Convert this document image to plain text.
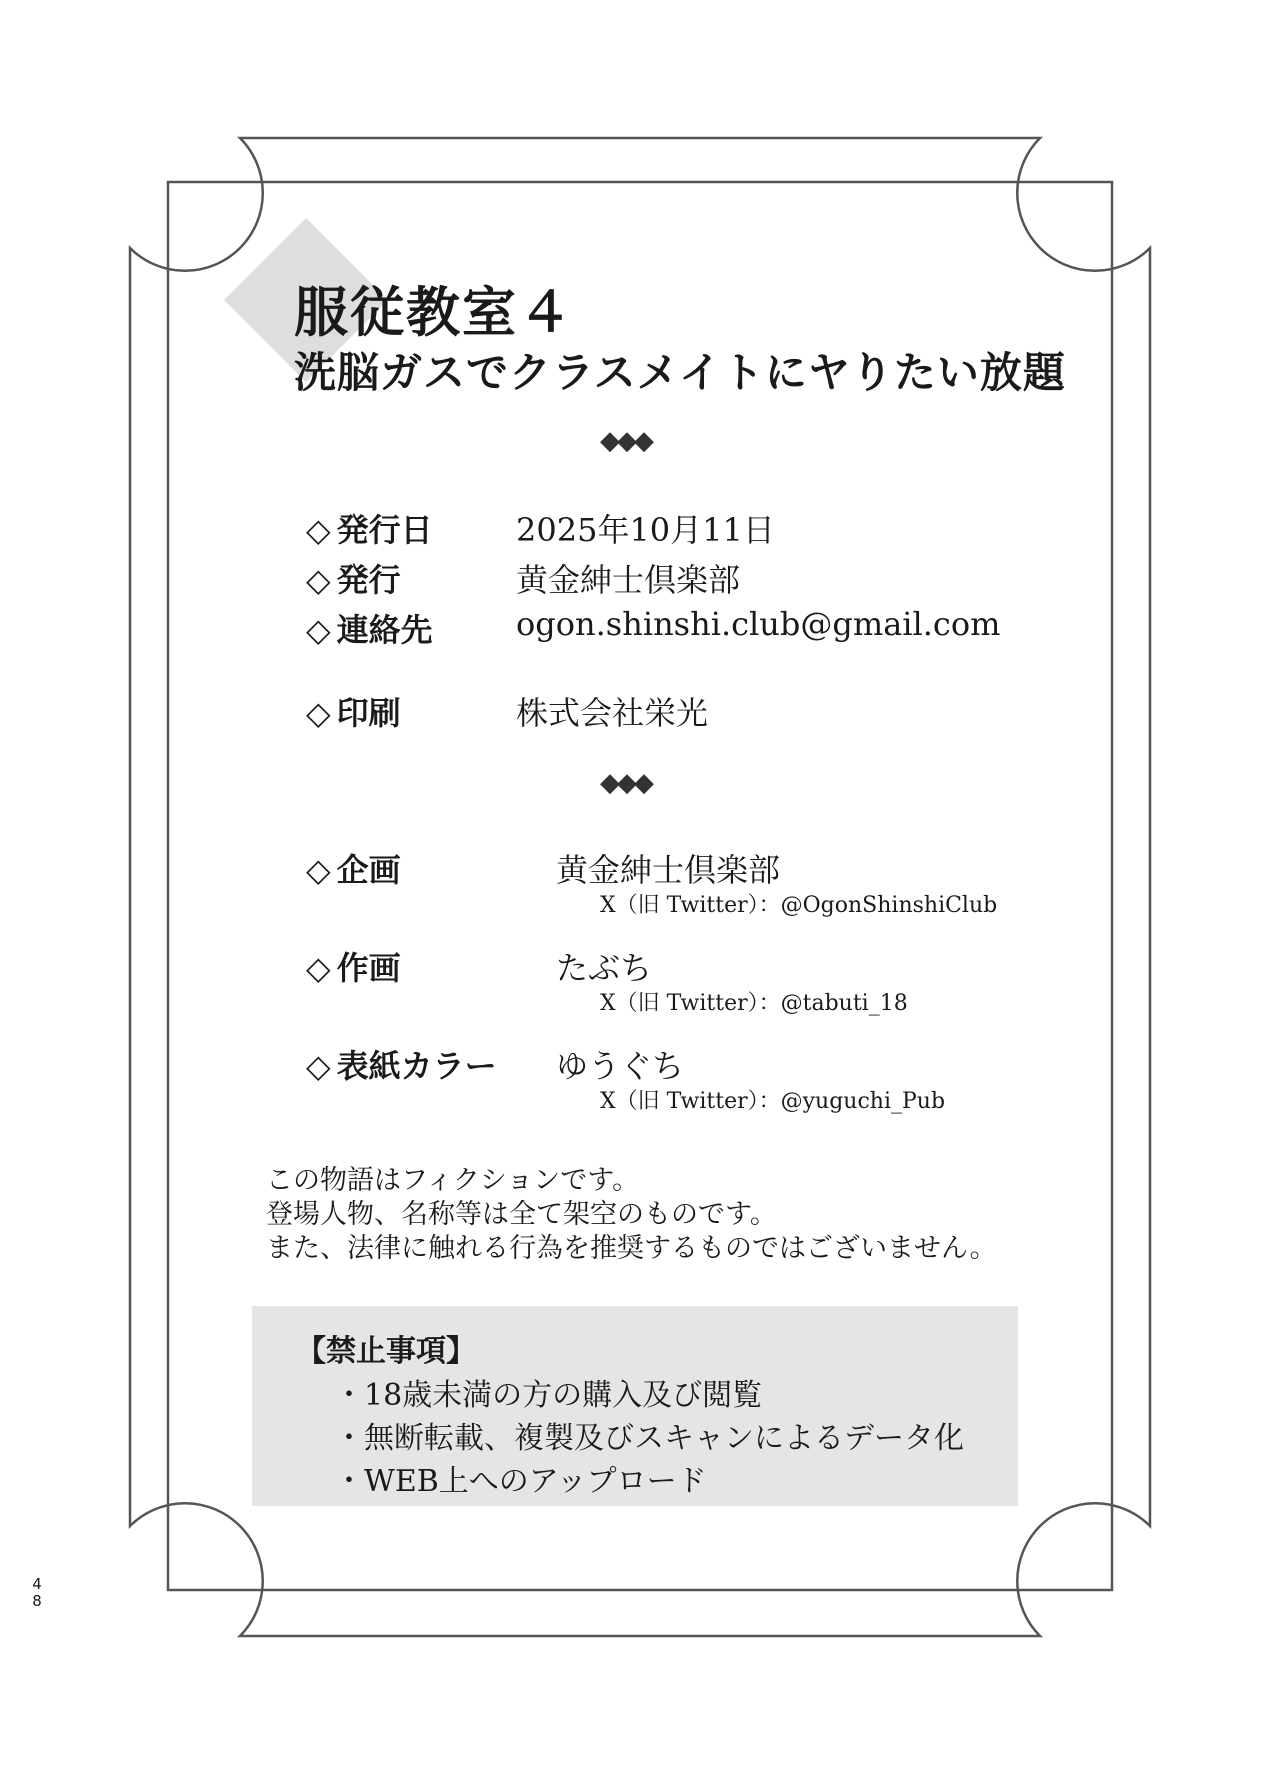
服従教室４
洗脳ガスでクラスメイトにヤりたい放題
◆◆◆
◇ 発行日	2025年10月11日
◇ 発行	黄金紳士倶楽部
◇ 連絡先	ogon.shinshi.club@gmail.com
◇ 印刷	株式会社栄光
◆◆◆
◇ 企画	黄金紳士倶楽部
X（旧 Twitter）：@OgonShinshiClub
◇ 作画	たぶち
X（旧 Twitter）：@tabuti_18
◇ 表紙カラー ゆうぐち
X（旧 Twitter）：@yuguchi_Pub
この物語はフィクションです。
登場人物、名称等は全て架空のものです。
また、法律に触れる行為を推奨するものではございません。
【禁止事項】
・18歳未満の方の購入及び閲覧
・無断転載、複製及びスキャンによるデータ化
・WEB上へのアップロード
4
8
